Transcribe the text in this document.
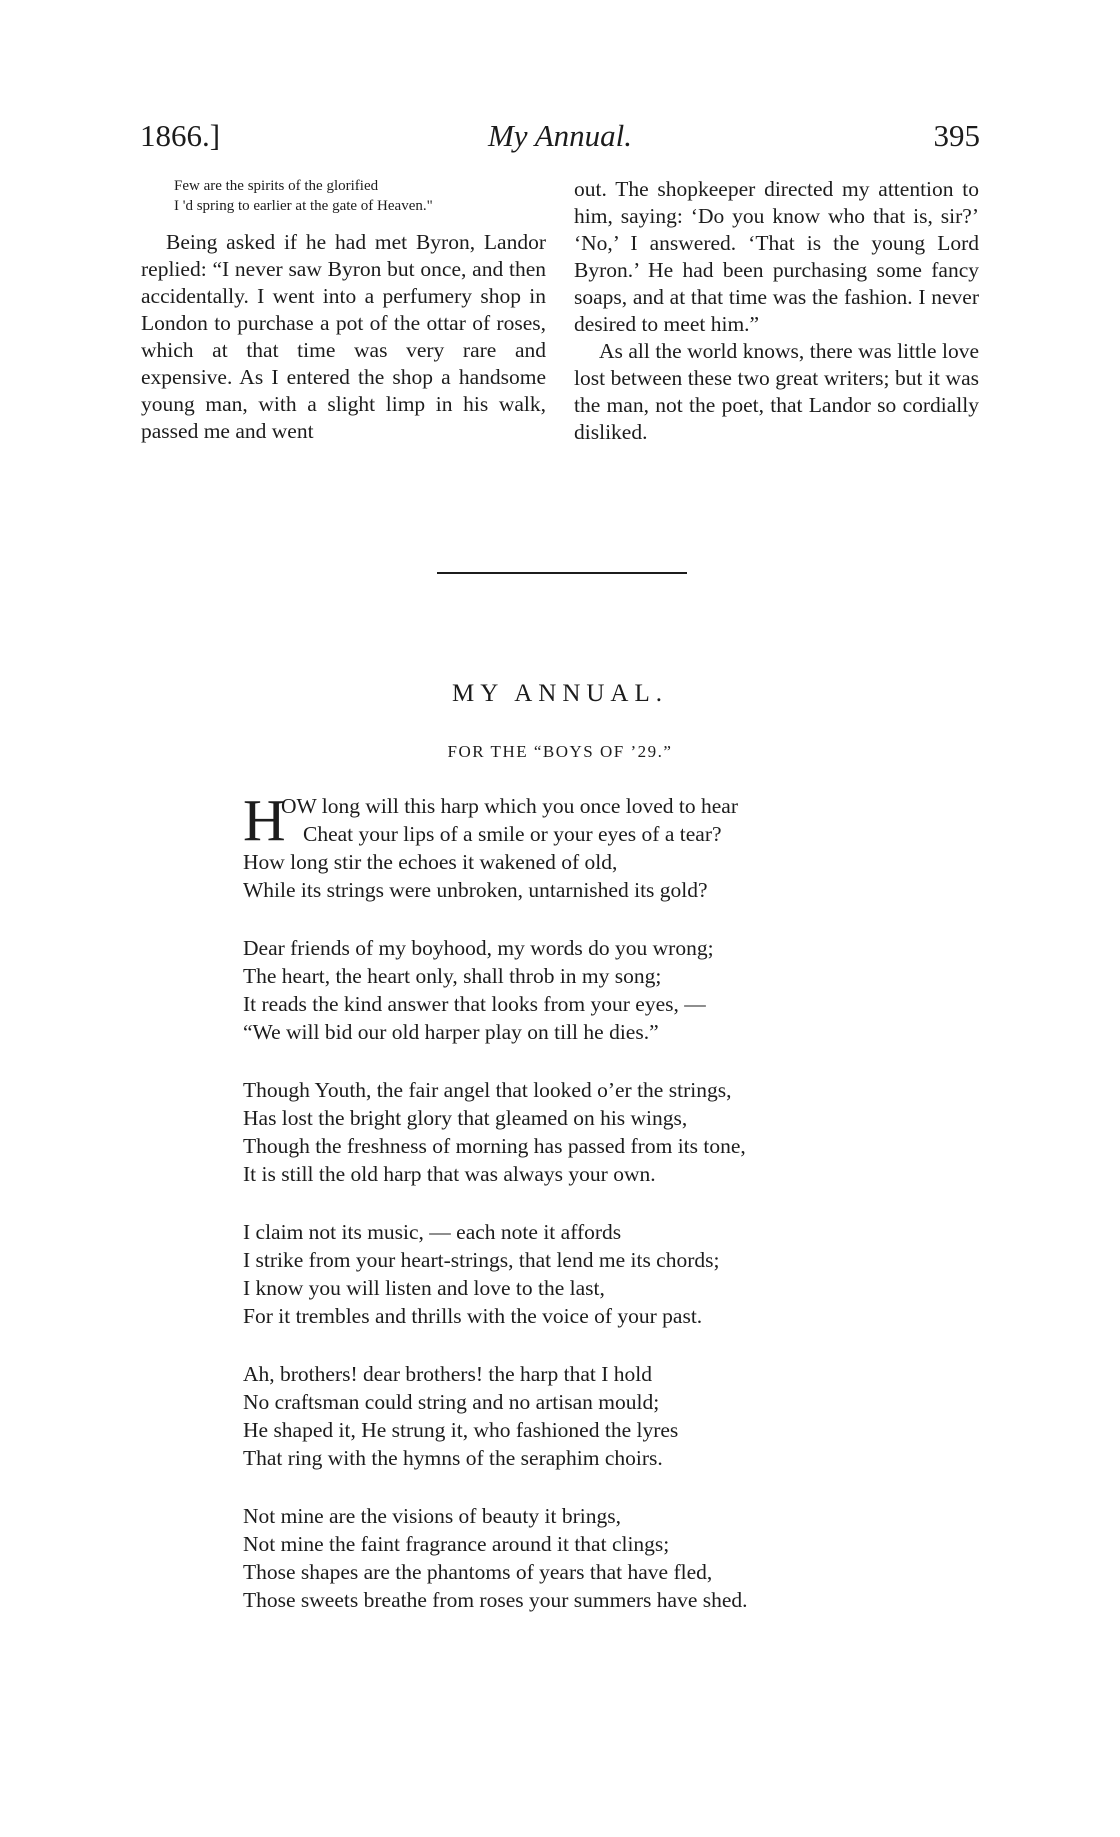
1866.]	My Annual.	395

Few are the spirits of the glorified

I 'd spring to earlier at the gate of Heaven."

Being asked if he had met Byron, Landor replied: “I never saw Byron but once, and then accidentally. I went into a perfumery shop in London to purchase a pot of the ottar of roses, which at that time was very rare and expensive. As I entered the shop a handsome young man, with a slight limp in his walk, passed me and went

out. The shopkeeper directed my attention to him, saying: ‘Do you know who that is, sir?’ ‘No,’ I answered. ‘That is the young Lord Byron.’ He had been purchasing some fancy soaps, and at that time was the fashion. I never desired to meet him.”

As all the world knows, there was little love lost between these two great writers; but it was the man, not the poet, that Landor so cordially disliked.

MY ANNUAL.
FOR THE “BOYS OF ’29.”
H
OW long will this harp which you once loved to hear
Cheat your lips of a smile or your eyes of a tear?
How long stir the echoes it wakened of old,
While its strings were unbroken, untarnished its gold?
Dear friends of my boyhood, my words do you wrong;
The heart, the heart only, shall throb in my song;
It reads the kind answer that looks from your eyes, —
“We will bid our old harper play on till he dies.”
Though Youth, the fair angel that looked o’er the strings,
Has lost the bright glory that gleamed on his wings,
Though the freshness of morning has passed from its tone,
It is still the old harp that was always your own.
I claim not its music, — each note it affords
I strike from your heart-strings, that lend me its chords;
I know you will listen and love to the last,
For it trembles and thrills with the voice of your past.
Ah, brothers! dear brothers! the harp that I hold
No craftsman could string and no artisan mould;
He shaped it, He strung it, who fashioned the lyres
That ring with the hymns of the seraphim choirs.
Not mine are the visions of beauty it brings,
Not mine the faint fragrance around it that clings;
Those shapes are the phantoms of years that have fled,
Those sweets breathe from roses your summers have shed.
